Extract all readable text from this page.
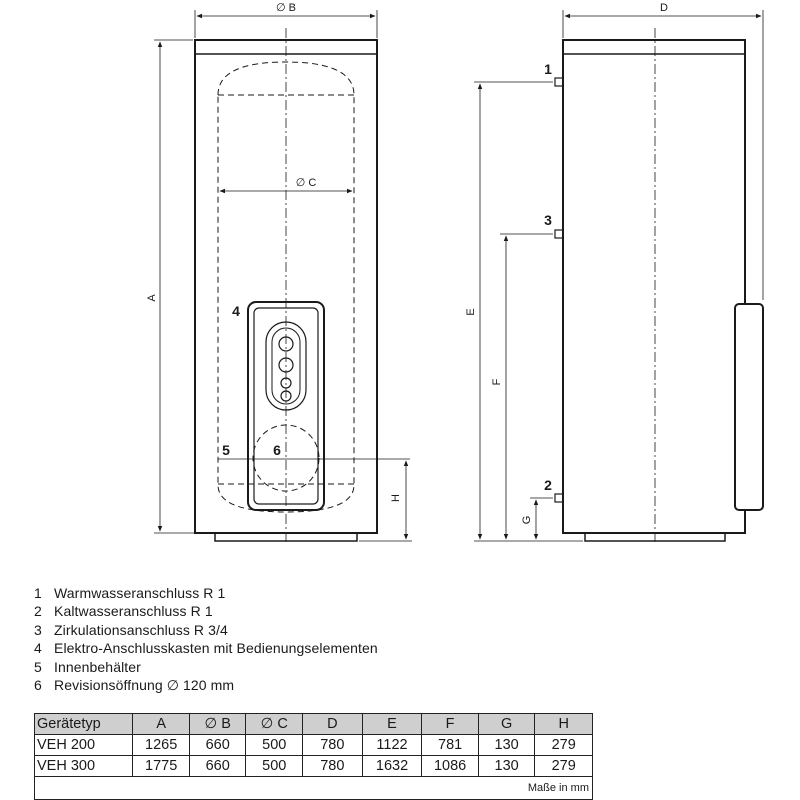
∅ B
∅ C
A
H
4
5	6
D
E
F
G
1
3
2
1 Warmwasseranschluss R 1
2 Kaltwasseranschluss R 1
3 Zirkulationsanschluss R 3/4
4 Elektro-Anschlusskasten mit Bedienungselementen
5 Innenbehälter
6 Revisionsöffnung ∅ 120 mm
Gerätetyp	A	∅ B	∅ C	D	E	F	G	H
VEH 200	1265	660	500	780	1122	781	130	279
VEH 300	1775	660	500	780	1632	1086	130	279
Maße in mm								
